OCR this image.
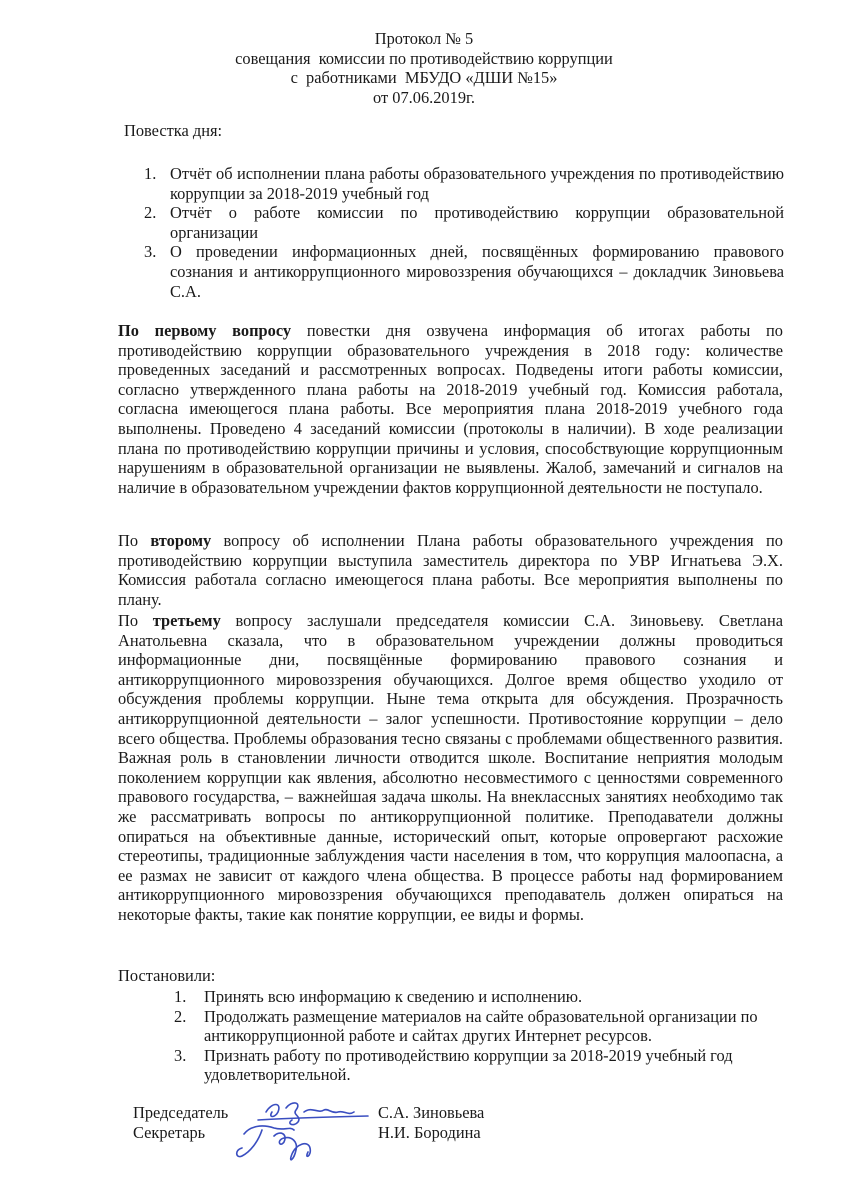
Протокол № 5
совещания  комиссии по противодействию коррупции
с  работниками  МБУДО «ДШИ №15»
от 07.06.2019г.
Повестка дня:
1. Отчёт об исполнении плана работы образовательного учреждения по противодействию коррупции за 2018-2019 учебный год
2. Отчёт о работе комиссии по противодействию коррупции образовательной организации
3. О проведении информационных дней, посвящённых формированию правового сознания и антикоррупционного мировоззрения обучающихся – докладчик Зиновьева С.А.
По первому вопросу повестки дня озвучена информация об итогах работы по противодействию коррупции образовательного учреждения в 2018 году: количестве проведенных заседаний и рассмотренных вопросах. Подведены итоги работы комиссии, согласно утвержденного плана работы на 2018-2019 учебный год. Комиссия работала, согласна имеющегося плана работы. Все мероприятия плана 2018-2019 учебного года выполнены. Проведено 4 заседаний комиссии (протоколы в наличии). В ходе реализации плана по противодействию коррупции причины и условия, способствующие коррупционным нарушениям в образовательной организации не выявлены. Жалоб, замечаний и сигналов на наличие в образовательном учреждении фактов коррупционной деятельности не поступало.
По второму вопросу об исполнении Плана работы образовательного учреждения по противодействию коррупции выступила заместитель директора по УВР Игнатьева Э.Х. Комиссия работала согласно имеющегося плана работы. Все мероприятия выполнены по плану.
По третьему вопросу заслушали председателя комиссии С.А. Зиновьеву. Светлана Анатольевна сказала, что в образовательном учреждении должны проводиться информационные дни, посвящённые формированию правового сознания и антикоррупционного мировоззрения обучающихся. Долгое время общество уходило от обсуждения проблемы коррупции. Ныне тема открыта для обсуждения. Прозрачность антикоррупционной деятельности – залог успешности. Противостояние коррупции – дело всего общества. Проблемы образования тесно связаны с проблемами общественного развития. Важная роль в становлении личности отводится школе. Воспитание неприятия молодым поколением коррупции как явления, абсолютно несовместимого с ценностями современного правового государства, – важнейшая задача школы. На внеклассных занятиях необходимо так же рассматривать вопросы по антикоррупционной политике. Преподаватели должны опираться на объективные данные, исторический опыт, которые опровергают расхожие стереотипы, традиционные заблуждения части населения в том, что коррупция малоопасна, а ее размах не зависит от каждого члена общества. В процессе работы над формированием антикоррупционного мировоззрения обучающихся преподаватель должен опираться на некоторые факты, такие как понятие коррупции, ее виды и формы.
Постановили:
1. Принять всю информацию к сведению и исполнению.
2. Продолжать размещение материалов на сайте образовательной организации по антикоррупционной работе и сайтах других Интернет ресурсов.
3. Признать работу по противодействию коррупции за 2018-2019 учебный год удовлетворительной.
Председатель	С.А. Зиновьева
Секретарь	Н.И. Бородина
